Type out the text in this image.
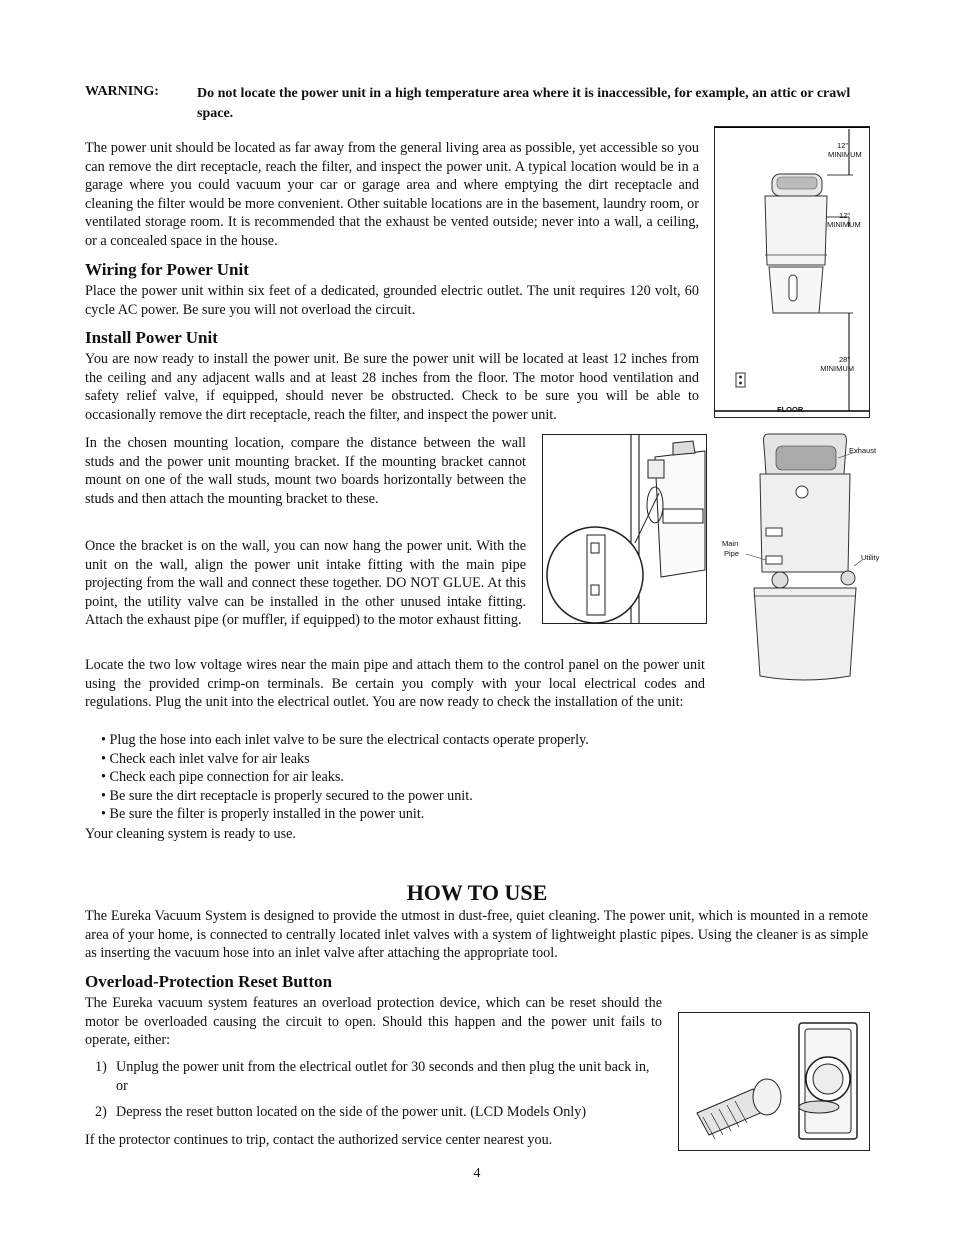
WARNING:	Do not locate the power unit in a high temperature area where it is inaccessible, for example, an attic or crawl space.

The power unit should be located as far away from the general living area as possible, yet accessible so you can remove the dirt receptacle, reach the filter, and inspect the power unit. A typical location would be in a garage where you could vacuum your car or garage area and where emptying the dirt receptacle and cleaning the filter would be more convenient. Other suitable locations are in the basement, laundry room, or ventilated storage room. It is recommended that the exhaust be vented outside; never into a wall, a ceiling, or a concealed space in the house.

Wiring for Power Unit

Place the power unit within six feet of a dedicated, grounded electric outlet. The unit requires 120 volt, 60 cycle AC power. Be sure you will not overload the circuit.

Install Power Unit

You are now ready to install the power unit. Be sure the power unit will be located at least 12 inches from the ceiling and any adjacent walls and at least 28 inches from the floor. The motor hood ventilation and safety relief valve, if equipped, should never be obstructed. Check to be sure you will be able to occasionally remove the dirt receptacle, reach the filter, and inspect the power unit.

In the chosen mounting location, compare the distance between the wall studs and the power unit mounting bracket. If the mounting bracket cannot mount on one of the wall studs, mount two boards horizontally between the studs and then attach the mounting bracket to these.

Once the bracket is on the wall, you can now hang the power unit. With the unit on the wall, align the power unit intake fitting with the main pipe projecting from the wall and connect these together. DO NOT GLUE. At this point, the utility valve can be installed in the other unused intake fitting. Attach the exhaust pipe (or muffler, if equipped) to the motor exhaust fitting.

Locate the two low voltage wires near the main pipe and attach them to the control panel on the power unit using the provided crimp-on terminals. Be certain you comply with your local electrical codes and regulations. Plug the unit into the electrical outlet. You are now ready to check the installation of the unit:

• Plug the hose into each inlet valve to be sure the electrical contacts operate properly.
• Check each inlet valve for air leaks
• Check each pipe connection for air leaks.
• Be sure the dirt receptacle is properly secured to the power unit.
• Be sure the filter is properly installed in the power unit.

Your cleaning system is ready to use.

12"
MINIMUM
12"
MINIMUM
28"
MINIMUM
FLOOR
Exhaust
Main
Pipe	Utility
HOW TO USE

The Eureka Vacuum System is designed to provide the utmost in dust-free, quiet cleaning. The power unit, which is mounted in a remote area of your home, is connected to centrally located inlet valves with a system of lightweight plastic pipes. Using the cleaner is as simple as inserting the vacuum hose into an inlet valve after attaching the appropriate tool.

Overload-Protection Reset Button

The Eureka vacuum system features an overload protection device, which can be reset should the motor be overloaded causing the circuit to open. Should this happen and the power unit fails to operate, either:

1) Unplug the power unit from the electrical outlet for 30 seconds and then plug the unit back in, or
2) Depress the reset button located on the side of the power unit. (LCD Models Only)

If the protector continues to trip, contact the authorized service center nearest you.

4
